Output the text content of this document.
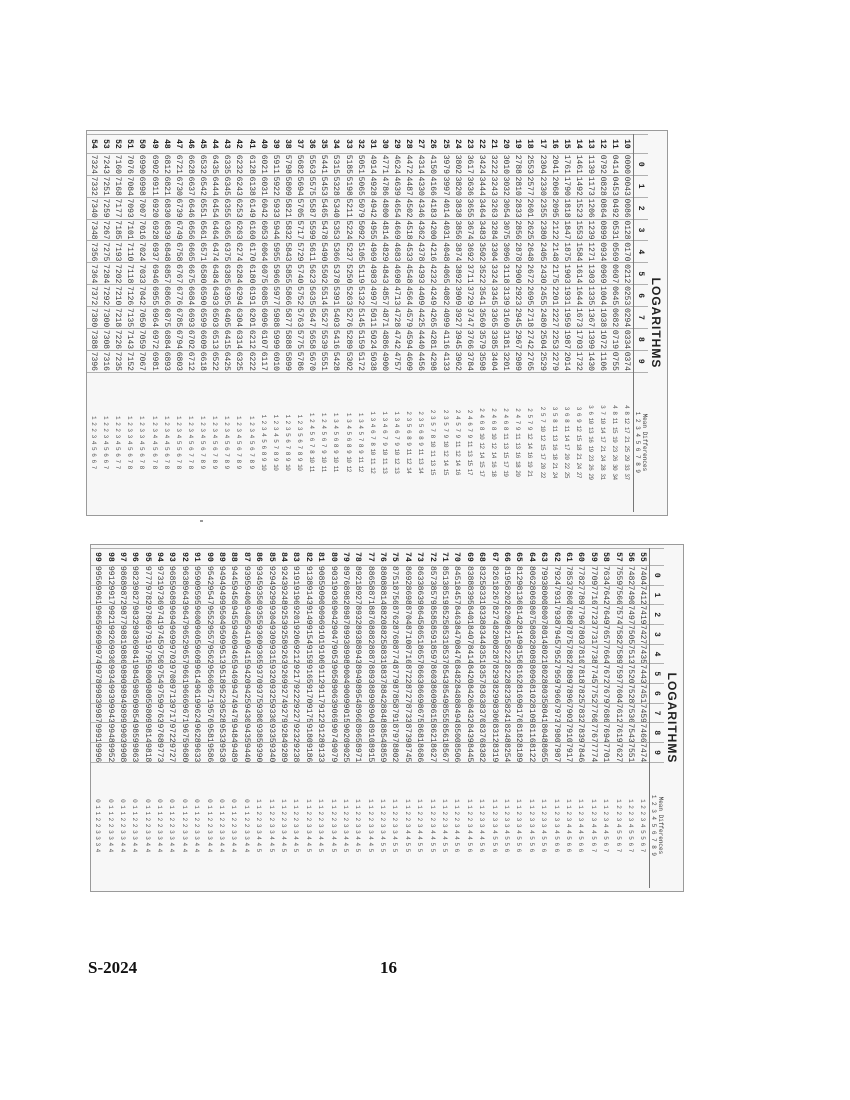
LOGARITHMS
	0	1	2	3	4	5	6	7	8	9	Mean Differences
1 2 3 4 5 6 7 8 9

10	0000	0043	0086	0128	0170	0212	0253	0294	0334	0374	4 8 12 17 21 25 29 33 37
11	0414	0453	0492	0531	0569	0607	0645	0682	0719	0755	4 8 11 15 19 23 26 30 34
12	0792	0828	0864	0899	0934	0969	1004	1038	1072	1106	3 7 10 14 17 21 24 28 31
13	1139	1173	1206	1239	1271	1303	1335	1367	1399	1430	3 6 10 13 16 19 23 26 29
14	1461	1492	1523	1553	1584	1614	1644	1673	1703	1732	3 6 9 12 15 18 21 24 27
15	1761	1790	1818	1847	1875	1903	1931	1959	1987	2014	3 6 8 11 14 17 20 22 25
16	2041	2068	2095	2122	2148	2175	2201	2227	2253	2279	3 5 8 11 13 16 18 21 24
17	2304	2330	2355	2380	2405	2430	2455	2480	2504	2529	2 5 7 10 12 15 17 20 22
18	2553	2577	2601	2625	2648	2672	2695	2718	2742	2765	2 5 7 9 12 14 16 19 21
19	2788	2810	2833	2856	2878	2900	2923	2945	2967	2989	2 4 7 9 11 13 16 18 20
20	3010	3032	3054	3075	3096	3118	3139	3160	3181	3201	2 4 6 8 11 13 15 17 19
21	3222	3243	3263	3284	3304	3324	3345	3365	3385	3404	2 4 6 8 10 12 14 16 18
22	3424	3444	3464	3483	3502	3522	3541	3560	3579	3598	2 4 6 8 10 12 14 15 17
23	3617	3636	3655	3674	3692	3711	3729	3747	3766	3784	2 4 6 7 9 11 13 15 17
24	3802	3820	3838	3856	3874	3892	3909	3927	3945	3962	2 4 5 7 9 11 12 14 16
25	3979	3997	4014	4031	4048	4065	4082	4099	4116	4133	2 3 5 7 9 10 12 14 15
26	4150	4166	4183	4200	4216	4232	4249	4265	4281	4298	2 3 5 7 8 10 11 13 15
27	4314	4330	4346	4362	4378	4393	4409	4425	4440	4456	2 3 5 6 8 9 11 13 14
28	4472	4487	4502	4518	4533	4548	4564	4579	4594	4609	2 3 5 6 8 9 11 12 14
29	4624	4639	4654	4669	4683	4698	4713	4728	4742	4757	1 3 4 6 7 9 10 12 13
30	4771	4786	4800	4814	4829	4843	4857	4871	4886	4900	1 3 4 6 7 9 10 11 13
31	4914	4928	4942	4955	4969	4983	4997	5011	5024	5038	1 3 4 6 7 8 10 11 12
32	5051	5065	5079	5092	5105	5119	5132	5145	5159	5172	1 3 4 5 7 8 9 11 12
33	5185	5198	5211	5224	5237	5250	5263	5276	5289	5302	1 3 4 5 6 8 9 10 12
34	5315	5328	5340	5353	5366	5378	5391	5403	5416	5428	1 3 4 5 6 8 9 10 11
35	5441	5453	5465	5478	5490	5502	5514	5527	5539	5551	1 2 4 5 6 7 9 10 11
36	5563	5575	5587	5599	5611	5623	5635	5647	5658	5670	1 2 4 5 6 7 8 10 11
37	5682	5694	5705	5717	5729	5740	5752	5763	5775	5786	1 2 3 5 6 7 8 9 10
38	5798	5809	5821	5832	5843	5855	5866	5877	5888	5899	1 2 3 5 6 7 8 9 10
39	5911	5922	5933	5944	5955	5966	5977	5988	5999	6010	1 2 3 4 5 7 8 9 10
40	6021	6031	6042	6053	6064	6075	6085	6096	6107	6117	1 2 3 4 5 6 8 9 10
41	6128	6138	6149	6160	6170	6180	6191	6201	6212	6222	1 2 3 4 5 6 7 8 9
42	6232	6243	6253	6263	6274	6284	6294	6304	6314	6325	1 2 3 4 5 6 7 8 9
43	6335	6345	6355	6365	6375	6385	6395	6405	6415	6425	1 2 3 4 5 6 7 8 9
44	6435	6444	6454	6464	6474	6484	6493	6503	6513	6522	1 2 3 4 5 6 7 8 9
45	6532	6542	6551	6561	6571	6580	6590	6599	6609	6618	1 2 3 4 5 6 7 8 9
46	6628	6637	6646	6656	6665	6675	6684	6693	6702	6712	1 2 3 4 5 6 7 7 8
47	6721	6730	6739	6749	6758	6767	6776	6785	6794	6803	1 2 3 4 5 5 6 7 8
48	6812	6821	6830	6839	6848	6857	6866	6875	6884	6893	1 2 3 4 4 5 6 7 8
49	6902	6911	6920	6928	6937	6946	6955	6964	6972	6981	1 2 3 4 4 5 6 7 8
50	6990	6998	7007	7016	7024	7033	7042	7050	7059	7067	1 2 3 3 4 5 6 7 8
51	7076	7084	7093	7101	7110	7118	7126	7135	7143	7152	1 2 3 3 4 5 6 7 8
52	7160	7168	7177	7185	7193	7202	7210	7218	7226	7235	1 2 2 3 4 5 6 7 7
53	7243	7251	7259	7267	7275	7284	7292	7300	7308	7316	1 2 2 3 4 5 6 6 7
54	7324	7332	7340	7348	7356	7364	7372	7380	7388	7396	1 2 2 3 4 5 6 6 7
LOGARITHMS
	0	1	2	3	4	5	6	7	8	9	Mean Differences
1 2 3 4 5 6 7 8 9

55	7404	7412	7419	7427	7435	7443	7451	7459	7466	7474	1 2 2 3 4 5 5 6 7
56	7482	7490	7497	7505	7513	7520	7528	7536	7543	7551	1 2 2 3 4 5 5 6 7
57	7559	7566	7574	7582	7589	7597	7604	7612	7619	7627	1 2 2 3 4 5 5 6 7
58	7634	7642	7649	7657	7664	7672	7679	7686	7694	7701	1 1 2 3 4 4 5 6 7
59	7709	7716	7723	7731	7738	7745	7752	7760	7767	7774	1 1 2 3 4 4 5 6 7
60	7782	7789	7796	7803	7810	7818	7825	7832	7839	7846	1 1 2 3 4 4 5 6 6
61	7853	7860	7868	7875	7882	7889	7896	7903	7910	7917	1 1 2 3 4 4 5 6 6
62	7924	7931	7938	7945	7952	7959	7966	7973	7980	7987	1 1 2 3 3 4 5 6 6
63	7993	8000	8007	8014	8021	8028	8035	8041	8048	8055	1 1 2 3 3 4 5 5 6
64	8062	8069	8075	8082	8089	8096	8102	8109	8116	8122	1 1 2 3 3 4 5 5 6
65	8129	8136	8142	8149	8156	8162	8169	8176	8182	8189	1 1 2 3 3 4 5 5 6
66	8195	8202	8209	8215	8222	8228	8235	8241	8248	8254	1 1 2 3 3 4 5 5 6
67	8261	8267	8274	8280	8287	8293	8299	8306	8312	8319	1 1 2 3 3 4 5 5 6
68	8325	8331	8338	8344	8351	8357	8363	8370	8376	8382	1 1 2 3 3 4 4 5 6
69	8388	8395	8401	8407	8414	8420	8426	8432	8439	8445	1 1 2 2 3 4 4 5 6
70	8451	8457	8463	8470	8476	8482	8488	8494	8500	8506	1 1 2 2 3 4 4 5 6
71	8513	8519	8525	8531	8537	8543	8549	8555	8561	8567	1 1 2 2 3 4 4 5 5
72	8573	8579	8585	8591	8597	8603	8609	8615	8621	8627	1 1 2 2 3 4 4 5 5
73	8633	8639	8645	8651	8657	8663	8669	8675	8681	8686	1 1 2 2 3 4 4 5 5
74	8692	8698	8704	8710	8716	8722	8727	8733	8739	8745	1 1 2 2 3 4 4 5 5
75	8751	8756	8762	8768	8774	8779	8785	8791	8797	8802	1 1 2 2 3 3 4 5 5
76	8808	8814	8820	8825	8831	8837	8842	8848	8854	8859	1 1 2 2 3 3 4 5 5
77	8865	8871	8876	8882	8887	8893	8899	8904	8910	8915	1 1 2 2 3 3 4 4 5
78	8921	8927	8932	8938	8943	8949	8954	8960	8965	8971	1 1 2 2 3 3 4 4 5
79	8976	8982	8987	8993	8998	9004	9009	9015	9020	9025	1 1 2 2 3 3 4 4 5
80	9031	9036	9042	9047	9053	9058	9063	9069	9074	9079	1 1 2 2 3 3 4 4 5
81	9085	9090	9096	9101	9106	9112	9117	9122	9128	9133	1 1 2 2 3 3 4 4 5
82	9138	9143	9149	9154	9159	9165	9170	9175	9180	9186	1 1 2 2 3 3 4 4 5
83	9191	9196	9201	9206	9212	9217	9222	9227	9232	9238	1 1 2 2 3 3 4 4 5
84	9243	9248	9253	9258	9263	9269	9274	9279	9284	9289	1 1 2 2 3 3 4 4 5
85	9294	9299	9304	9309	9315	9320	9325	9330	9335	9340	1 1 2 2 3 3 4 4 5
86	9345	9350	9355	9360	9365	9370	9375	9380	9385	9390	1 1 2 2 3 3 4 4 5
87	9395	9400	9405	9410	9415	9420	9425	9430	9435	9440	0 1 1 2 2 3 3 4 4
88	9445	9450	9455	9460	9465	9469	9474	9479	9484	9489	0 1 1 2 2 3 3 4 4
89	9494	9499	9504	9509	9513	9518	9523	9528	9533	9538	0 1 1 2 2 3 3 4 4
90	9542	9547	9552	9557	9562	9566	9571	9576	9581	9586	0 1 1 2 2 3 3 4 4
91	9590	9595	9600	9605	9609	9614	9619	9624	9628	9633	0 1 1 2 2 3 3 4 4
92	9638	9643	9647	9652	9657	9661	9666	9671	9675	9680	0 1 1 2 2 3 3 4 4
93	9685	9689	9694	9699	9703	9708	9713	9717	9722	9727	0 1 1 2 2 3 3 4 4
94	9731	9736	9741	9745	9750	9754	9759	9763	9768	9773	0 1 1 2 2 3 3 4 4
95	9777	9782	9786	9791	9795	9800	9805	9809	9814	9818	0 1 1 2 2 3 3 4 4
96	9823	9827	9832	9836	9841	9845	9850	9854	9859	9863	0 1 1 2 2 3 3 4 4
97	9868	9872	9877	9881	9886	9890	9894	9899	9903	9908	0 1 1 2 2 3 3 4 4
98	9912	9917	9921	9926	9930	9934	9939	9943	9948	9952	0 1 1 2 2 3 3 4 4
99	9956	9961	9965	9969	9974	9978	9983	9987	9991	9996	0 1 1 2 2 3 3 3 4
S-2024	16
